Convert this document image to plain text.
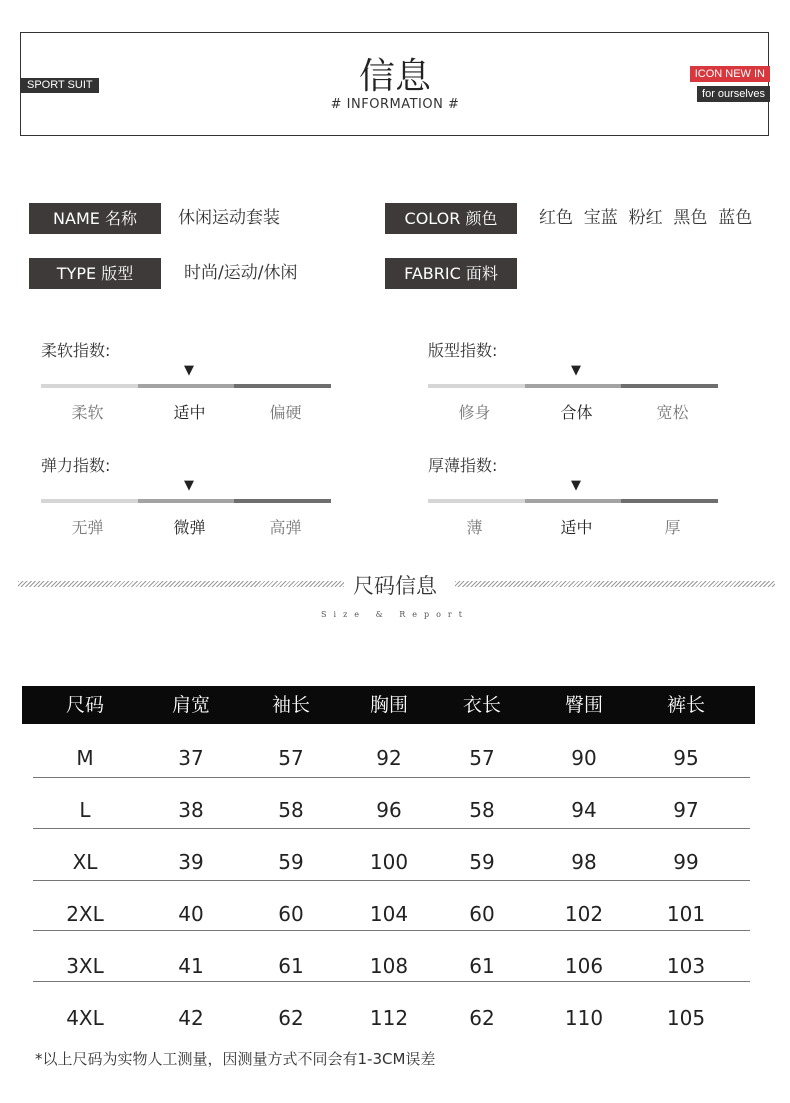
信息
# INFORMATION #
SPORT SUIT
ICON NEW IN
for ourselves
NAME 名称	休闲运动套装	COLOR 颜色	红色  宝蓝  粉红  黑色  蓝色
TYPE 版型	时尚/运动/休闲	FABRIC 面料
柔软指数:
▼
柔软	适中	偏硬
版型指数:
▼
修身	合体	宽松
弹力指数:
▼
无弹	微弹	高弹
厚薄指数:
▼
薄	适中	厚
尺码信息
Size & Report
尺码	肩宽	袖长	胸围	衣长	臀围	裤长
M	37	57	92	57	90	95
L	38	58	96	58	94	97
XL	39	59	100	59	98	99
2XL	40	60	104	60	102	101
3XL	41	61	108	61	106	103
4XL	42	62	112	62	110	105
*以上尺码为实物人工测量，因测量方式不同会有1-3CM误差
